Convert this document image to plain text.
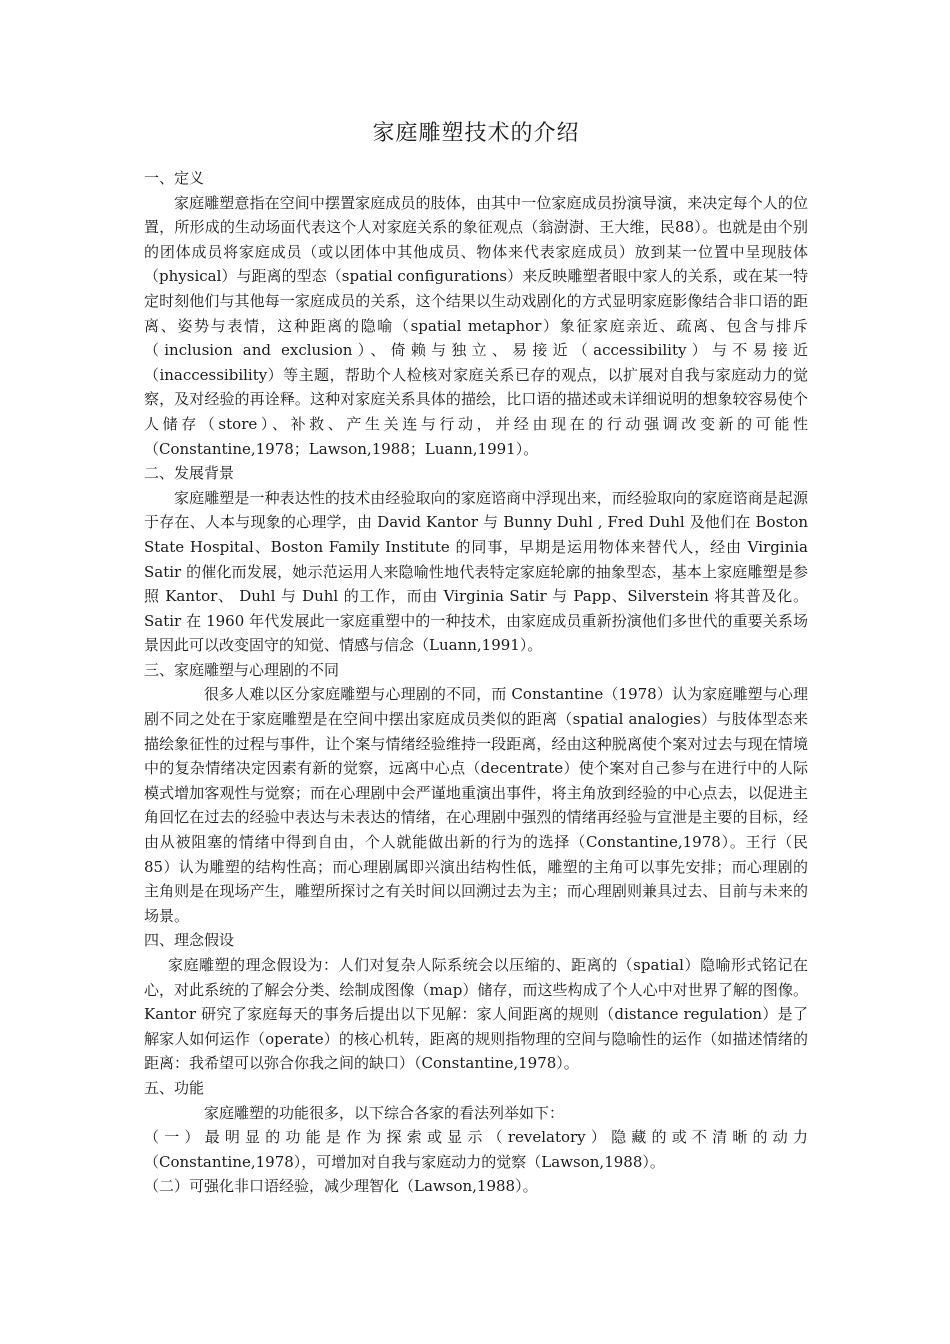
家庭雕塑技术的介绍

一、定义

家庭雕塑意指在空间中摆置家庭成员的肢体，由其中一位家庭成员扮演导演，来决定每个人的位置，所形成的生动场面代表这个人对家庭关系的象征观点（翁澍澍、王大维，民88）。也就是由个别的团体成员将家庭成员（或以团体中其他成员、物体来代表家庭成员）放到某一位置中呈现肢体（physical）与距离的型态（spatial configurations）来反映雕塑者眼中家人的关系，或在某一特定时刻他们与其他每一家庭成员的关系，这个结果以生动戏剧化的方式显明家庭影像结合非口语的距离、姿势与表情，这种距离的隐喻（spatial metaphor）象征家庭亲近、疏离、包含与排斥（inclusion and exclusion）、倚赖与独立、易接近（accessibility）与不易接近（inaccessibility）等主题，帮助个人检核对家庭关系已存的观点，以扩展对自我与家庭动力的觉察，及对经验的再诠释。这种对家庭关系具体的描绘，比口语的描述或未详细说明的想象较容易使个人储存（store）、补救、产生关连与行动，并经由现在的行动强调改变新的可能性（Constantine,1978；Lawson,1988；Luann,1991）。

二、发展背景

家庭雕塑是一种表达性的技术由经验取向的家庭谘商中浮现出来，而经验取向的家庭谘商是起源于存在、人本与现象的心理学，由 David Kantor 与 Bunny Duhl , Fred Duhl 及他们在 Boston State Hospital、Boston Family Institute 的同事，早期是运用物体来替代人，经由 Virginia Satir 的催化而发展，她示范运用人来隐喻性地代表特定家庭轮廓的抽象型态，基本上家庭雕塑是参照 Kantor、 Duhl 与 Duhl 的工作，而由 Virginia Satir 与 Papp、Silverstein 将其普及化。Satir 在 1960 年代发展此一家庭重塑中的一种技术，由家庭成员重新扮演他们多世代的重要关系场景因此可以改变固守的知觉、情感与信念（Luann,1991）。

三、家庭雕塑与心理剧的不同

很多人难以区分家庭雕塑与心理剧的不同，而 Constantine（1978）认为家庭雕塑与心理剧不同之处在于家庭雕塑是在空间中摆出家庭成员类似的距离（spatial analogies）与肢体型态来描绘象征性的过程与事件，让个案与情绪经验维持一段距离，经由这种脱离使个案对过去与现在情境中的复杂情绪决定因素有新的觉察，远离中心点（decentrate）使个案对自己参与在进行中的人际模式增加客观性与觉察；而在心理剧中会严谨地重演出事件，将主角放到经验的中心点去，以促进主角回忆在过去的经验中表达与未表达的情绪，在心理剧中强烈的情绪再经验与宣泄是主要的目标，经由从被阻塞的情绪中得到自由，个人就能做出新的行为的选择（Constantine,1978）。王行（民 85）认为雕塑的结构性高；而心理剧属即兴演出结构性低，雕塑的主角可以事先安排；而心理剧的主角则是在现场产生，雕塑所探讨之有关时间以回溯过去为主；而心理剧则兼具过去、目前与未来的场景。

四、理念假设

家庭雕塑的理念假设为：人们对复杂人际系统会以压缩的、距离的（spatial）隐喻形式铭记在心，对此系统的了解会分类、绘制成图像（map）储存，而这些构成了个人心中对世界了解的图像。Kantor 研究了家庭每天的事务后提出以下见解：家人间距离的规则（distance regulation）是了解家人如何运作（operate）的核心机转，距离的规则指物理的空间与隐喻性的运作（如描述情绪的距离：我希望可以弥合你我之间的缺口）（Constantine,1978）。

五、功能

家庭雕塑的功能很多，以下综合各家的看法列举如下：

（一）最明显的功能是作为探索或显示（revelatory）隐藏的或不清晰的动力（Constantine,1978），可增加对自我与家庭动力的觉察（Lawson,1988）。

（二）可强化非口语经验，减少理智化（Lawson,1988）。
